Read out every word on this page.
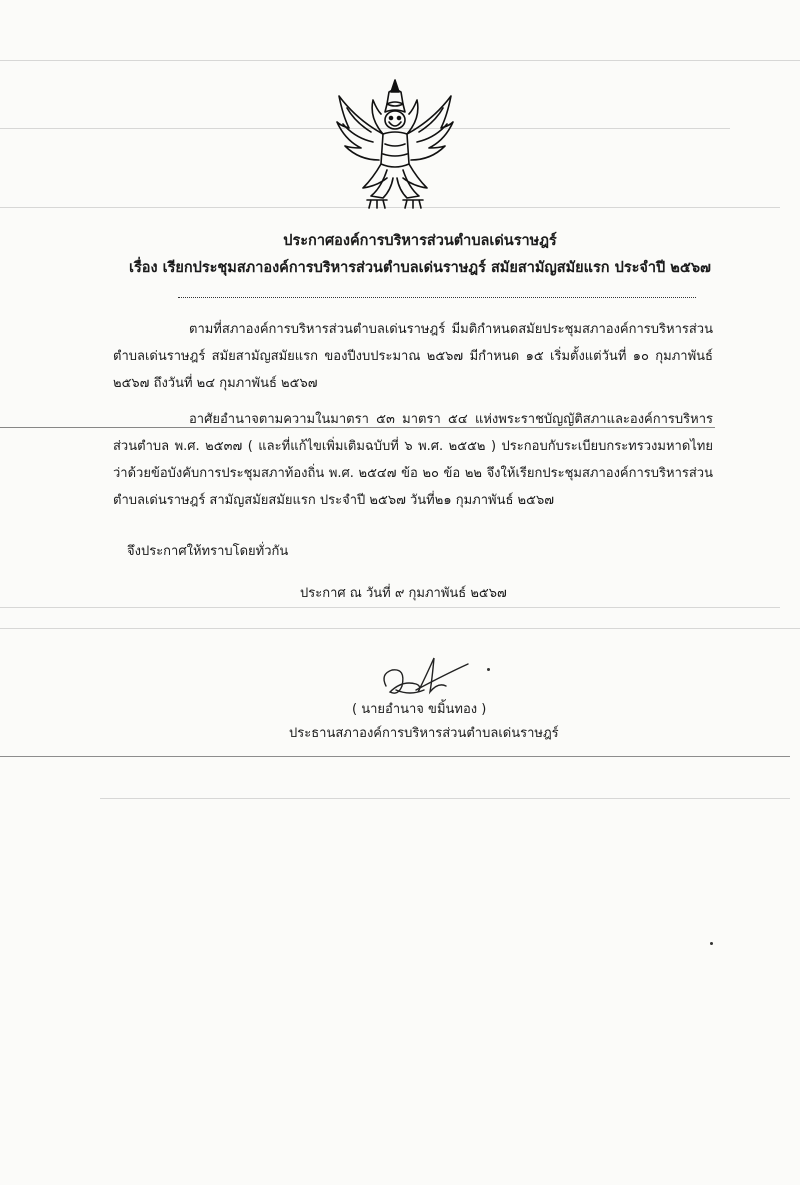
ประกาศองค์การบริหารส่วนตำบลเด่นราษฎร์
เรื่อง เรียกประชุมสภาองค์การบริหารส่วนตำบลเด่นราษฎร์ สมัยสามัญสมัยแรก ประจำปี ๒๕๖๗
ตามที่สภาองค์การบริหารส่วนตำบลเด่นราษฎร์ มีมติกำหนดสมัยประชุมสภาองค์การบริหารส่วนตำบลเด่นราษฎร์ สมัยสามัญสมัยแรก ของปีงบประมาณ ๒๕๖๗ มีกำหนด ๑๕ เริ่มตั้งแต่วันที่ ๑๐ กุมภาพันธ์ ๒๕๖๗ ถึงวันที่ ๒๔ กุมภาพันธ์ ๒๕๖๗
อาศัยอำนาจตามความในมาตรา ๕๓ มาตรา ๕๔ แห่งพระราชบัญญัติสภาและองค์การบริหารส่วนตำบล พ.ศ. ๒๕๓๗ ( และที่แก้ไขเพิ่มเติมฉบับที่ ๖ พ.ศ. ๒๕๕๒ ) ประกอบกับระเบียบกระทรวงมหาดไทย ว่าด้วยข้อบังคับการประชุมสภาท้องถิ่น พ.ศ. ๒๕๔๗ ข้อ ๒๐ ข้อ ๒๒ จึงให้เรียกประชุมสภาองค์การบริหารส่วนตำบลเด่นราษฎร์ สามัญสมัยสมัยแรก ประจำปี ๒๕๖๗ วันที่๒๑ กุมภาพันธ์ ๒๕๖๗
จึงประกาศให้ทราบโดยทั่วกัน
ประกาศ ณ วันที่ ๙ กุมภาพันธ์ ๒๕๖๗
( นายอำนาจ ขมิ้นทอง )
ประธานสภาองค์การบริหารส่วนตำบลเด่นราษฎร์
